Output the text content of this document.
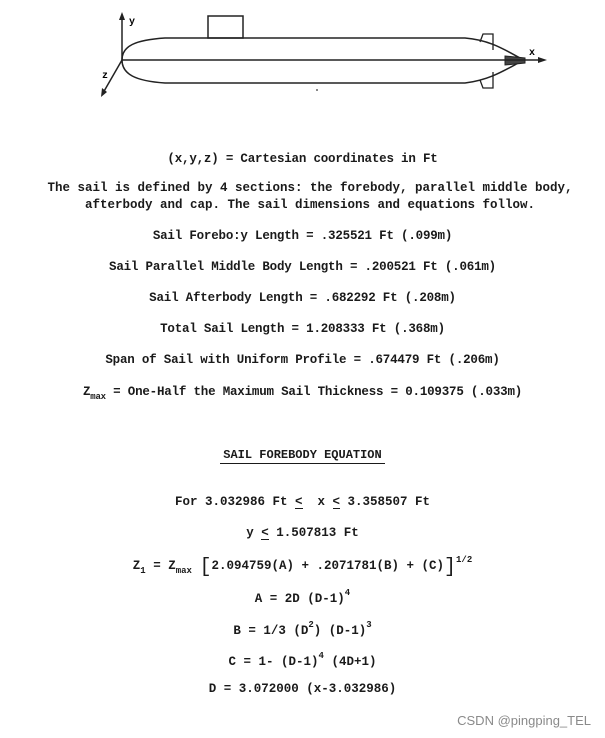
y
z
x
(x,y,z) = Cartesian coordinates in Ft
The sail is defined by 4 sections: the forebody, parallel middle body,
afterbody and cap. The sail dimensions and equations follow.
Sail Forebo:y Length = .325521 Ft (.099m)
Sail Parallel Middle Body Length = .200521 Ft (.061m)
Sail Afterbody Length = .682292 Ft (.208m)
Total Sail Length = 1.208333 Ft (.368m)
Span of Sail with Uniform Profile = .674479 Ft (.206m)
$Z_{max}$ = One-Half the Maximum Sail Thickness = 0.109375 (.033m)
SAIL FOREBODY EQUATION
For 3.032986 Ft <  x < 3.358507 Ft
y < 1.507813 Ft
$Z_1 = Z_{max}$ $[2.094759(A) + .2071781(B) + (C)]^{1/2}$
A = 2D $(D-1)^4$
B = 1/3 $(D^2)$ $(D-1)^3$
C = 1- $(D-1)^4$ (4D+1)
D = 3.072000 (x-3.032986)
CSDN @pingping_TEL
